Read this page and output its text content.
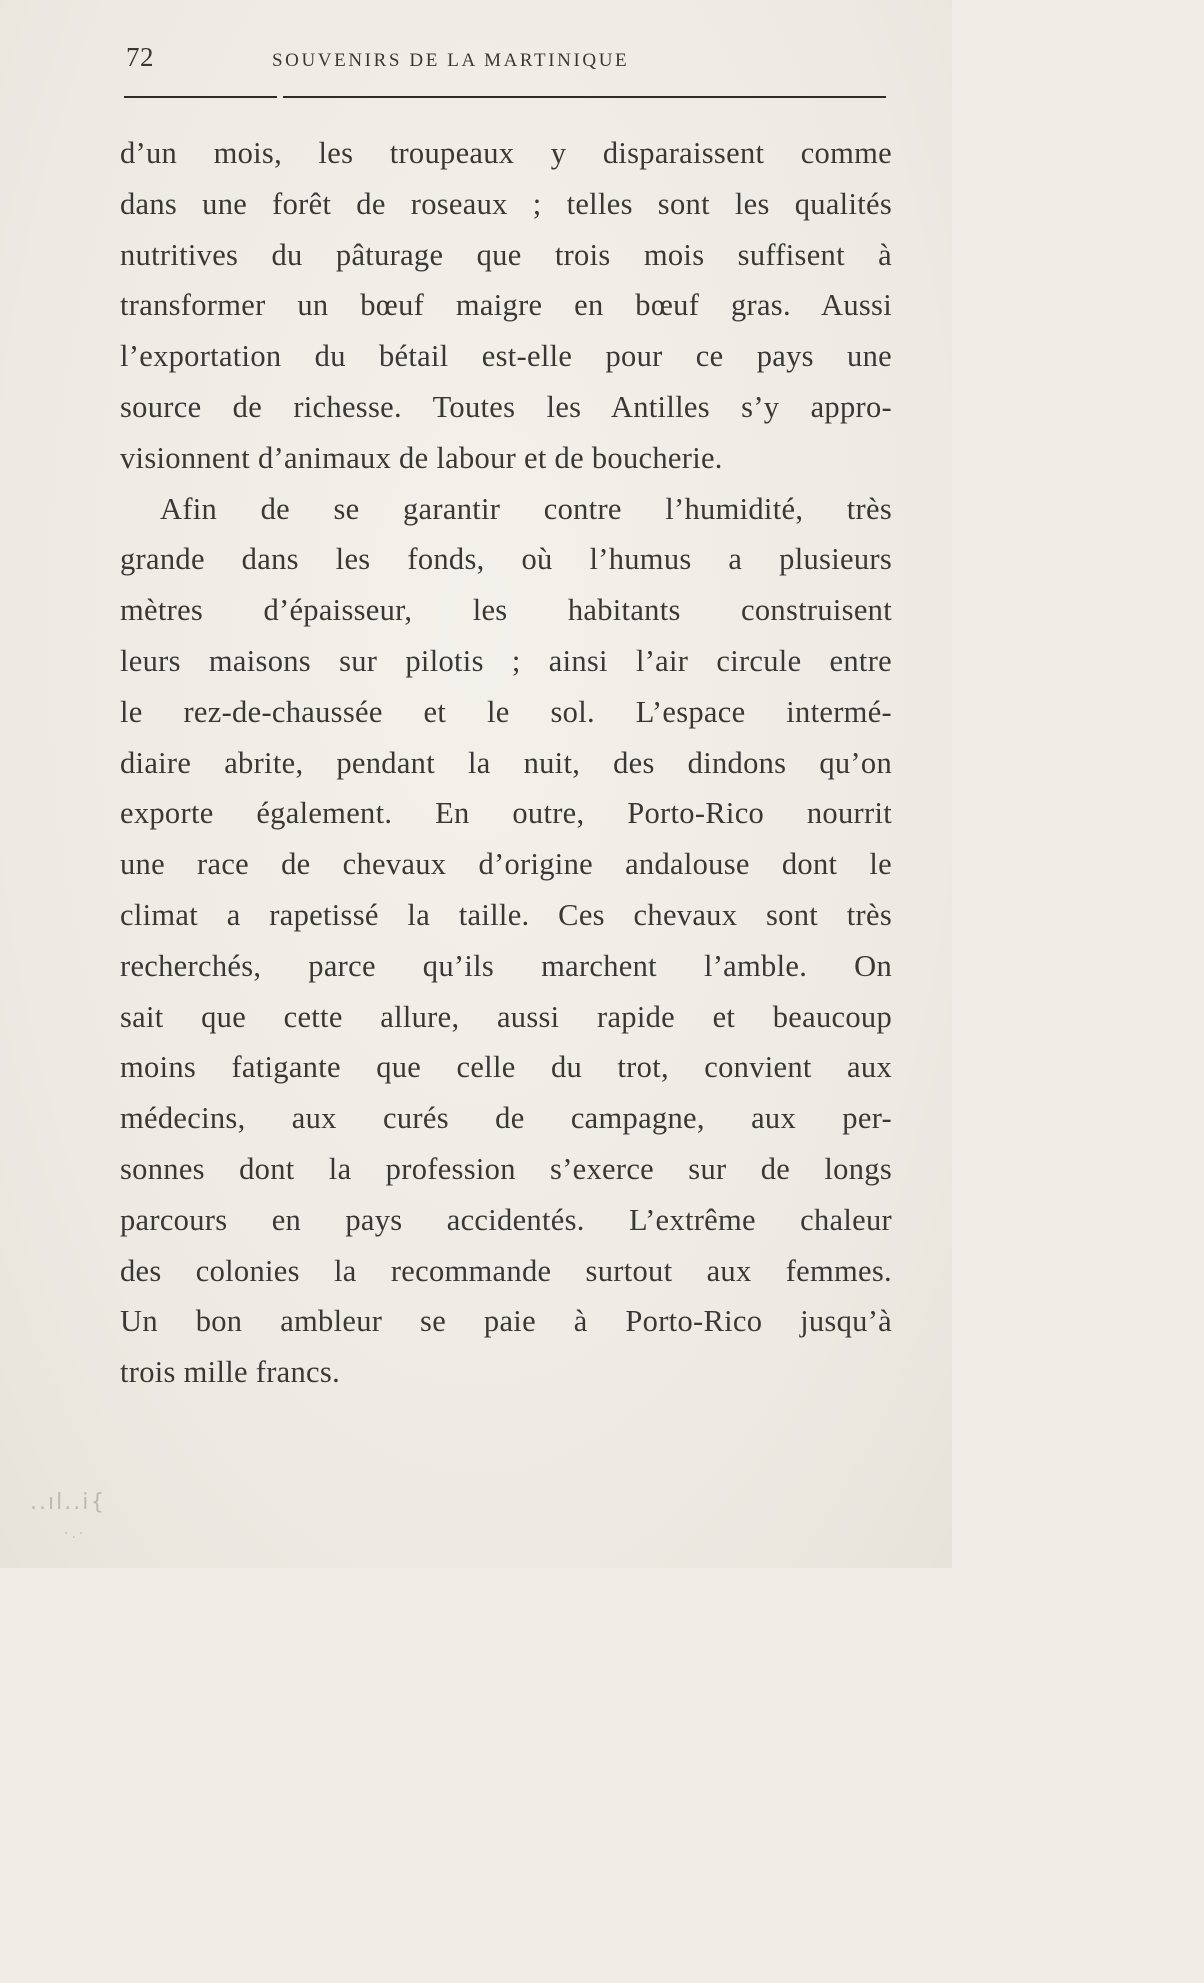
72	SOUVENIRS DE LA MARTINIQUE
d’un mois, les troupeaux y disparaissent comme
dans une forêt de roseaux ; telles sont les qualités
nutritives du pâturage que trois mois suffisent à
transformer un bœuf maigre en bœuf gras. Aussi
l’exportation du bétail est-elle pour ce pays une
source de richesse. Toutes les Antilles s’y appro-
visionnent d’animaux de labour et de boucherie.
Afin de se garantir contre l’humidité, très
grande dans les fonds, où l’humus a plusieurs
mètres d’épaisseur, les habitants construisent
leurs maisons sur pilotis ; ainsi l’air circule entre
le rez-de-chaussée et le sol. L’espace intermé-
diaire abrite, pendant la nuit, des dindons qu’on
exporte également. En outre, Porto-Rico nourrit
une race de chevaux d’origine andalouse dont le
climat a rapetissé la taille. Ces chevaux sont très
recherchés, parce qu’ils marchent l’amble. On
sait que cette allure, aussi rapide et beaucoup
moins fatigante que celle du trot, convient aux
médecins, aux curés de campagne, aux per-
sonnes dont la profession s’exerce sur de longs
parcours en pays accidentés. L’extrême chaleur
des colonies la recommande surtout aux femmes.
Un bon ambleur se paie à Porto-Rico jusqu’à
trois mille francs.
..ıl..i{
·.·
